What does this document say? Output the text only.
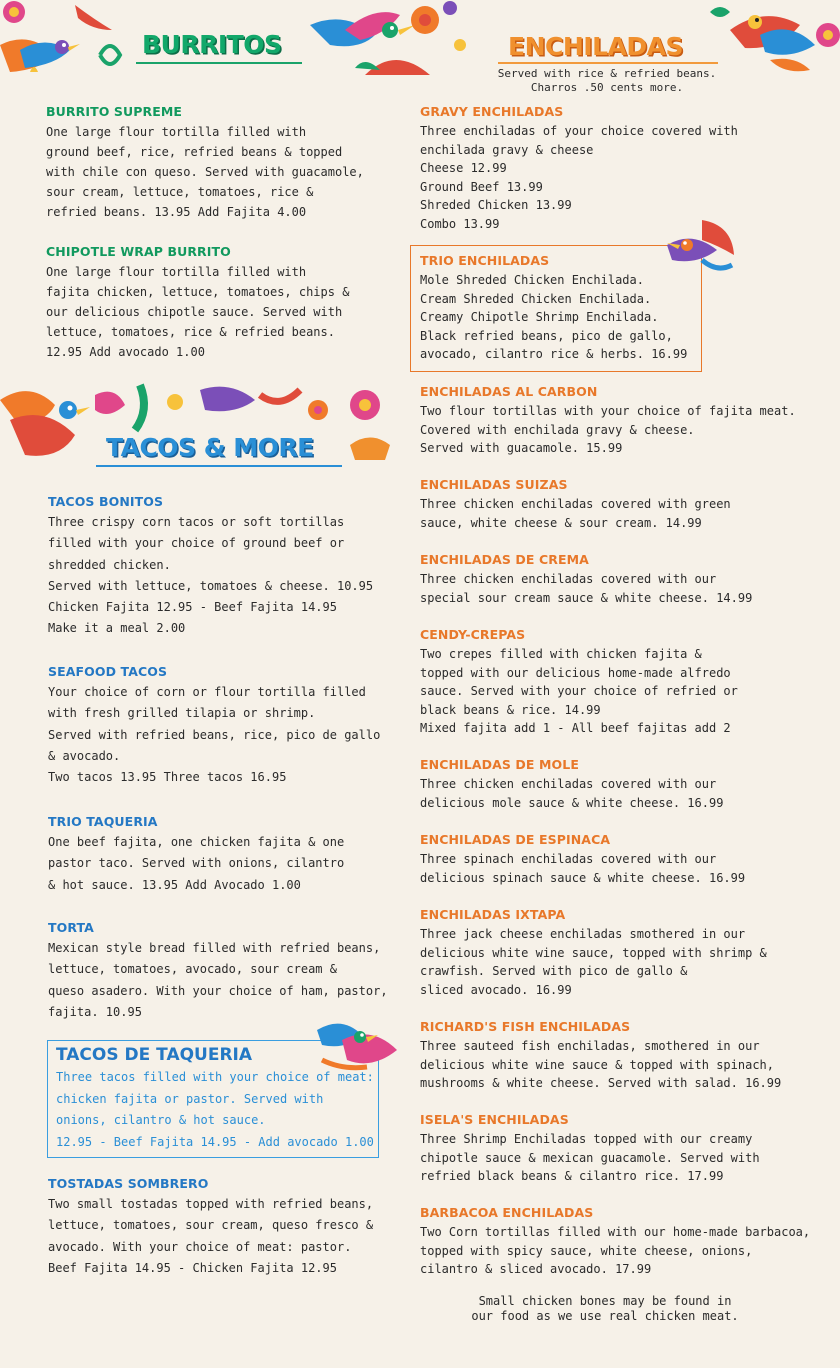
BURRITOS	ENCHILADAS
Served with rice & refried beans.
Charros .50 cents more.
BURRITO SUPREME

One large flour tortilla filled with
ground beef, rice, refried beans & topped
with chile con queso. Served with guacamole,
sour cream, lettuce, tomatoes, rice &
refried beans. 13.95 Add Fajita 4.00

CHIPOTLE WRAP BURRITO

One large flour tortilla filled with
fajita chicken, lettuce, tomatoes, chips &
our delicious chipotle sauce. Served with
lettuce, tomatoes, rice & refried beans.
12.95 Add avocado 1.00

TACOS & MORE
TACOS BONITOS

Three crispy corn tacos or soft tortillas
filled with your choice of ground beef or
shredded chicken.
Served with lettuce, tomatoes & cheese. 10.95
Chicken Fajita 12.95 - Beef Fajita 14.95
Make it a meal 2.00

SEAFOOD TACOS

Your choice of corn or flour tortilla filled
with fresh grilled tilapia or shrimp.
Served with refried beans, rice, pico de gallo
& avocado.
Two tacos 13.95 Three tacos 16.95

TRIO TAQUERIA

One beef fajita, one chicken fajita & one
pastor taco. Served with onions, cilantro
& hot sauce. 13.95 Add Avocado 1.00

TORTA

Mexican style bread filled with refried beans,
lettuce, tomatoes, avocado, sour cream &
queso asadero. With your choice of ham, pastor,
fajita. 10.95

TACOS DE TAQUERIA

Three tacos filled with your choice of meat:
chicken fajita or pastor. Served with
onions, cilantro & hot sauce.
12.95 - Beef Fajita 14.95 - Add avocado 1.00

TOSTADAS SOMBRERO

Two small tostadas topped with refried beans,
lettuce, tomatoes, sour cream, queso fresco &
avocado. With your choice of meat: pastor.
Beef Fajita 14.95 - Chicken Fajita 12.95

GRAVY ENCHILADAS

Three enchiladas of your choice covered with
enchilada gravy & cheese
Cheese 12.99
Ground Beef 13.99
Shreded Chicken 13.99
Combo 13.99

TRIO ENCHILADAS

Mole Shreded Chicken Enchilada.
Cream Shreded Chicken Enchilada.
Creamy Chipotle Shrimp Enchilada.
Black refried beans, pico de gallo,
avocado, cilantro rice & herbs. 16.99

ENCHILADAS AL CARBON

Two flour tortillas with your choice of fajita meat.
Covered with enchilada gravy & cheese.
Served with guacamole. 15.99

ENCHILADAS SUIZAS

Three chicken enchiladas covered with green
sauce, white cheese & sour cream. 14.99

ENCHILADAS DE CREMA

Three chicken enchiladas covered with our
special sour cream sauce & white cheese. 14.99

CENDY-CREPAS

Two crepes filled with chicken fajita &
topped with our delicious home-made alfredo
sauce. Served with your choice of refried or
black beans & rice. 14.99
Mixed fajita add 1 - All beef fajitas add 2

ENCHILADAS DE MOLE

Three chicken enchiladas covered with our
delicious mole sauce & white cheese. 16.99

ENCHILADAS DE ESPINACA

Three spinach enchiladas covered with our
delicious spinach sauce & white cheese. 16.99

ENCHILADAS IXTAPA

Three jack cheese enchiladas smothered in our
delicious white wine sauce, topped with shrimp &
crawfish. Served with pico de gallo &
sliced avocado. 16.99

RICHARD'S FISH ENCHILADAS

Three sauteed fish enchiladas, smothered in our
delicious white wine sauce & topped with spinach,
mushrooms & white cheese. Served with salad. 16.99

ISELA'S ENCHILADAS

Three Shrimp Enchiladas topped with our creamy
chipotle sauce & mexican guacamole. Served with
refried black beans & cilantro rice. 17.99

BARBACOA ENCHILADAS

Two Corn tortillas filled with our home-made barbacoa,
topped with spicy sauce, white cheese, onions,
cilantro & sliced avocado. 17.99

Small chicken bones may be found in
our food as we use real chicken meat.
